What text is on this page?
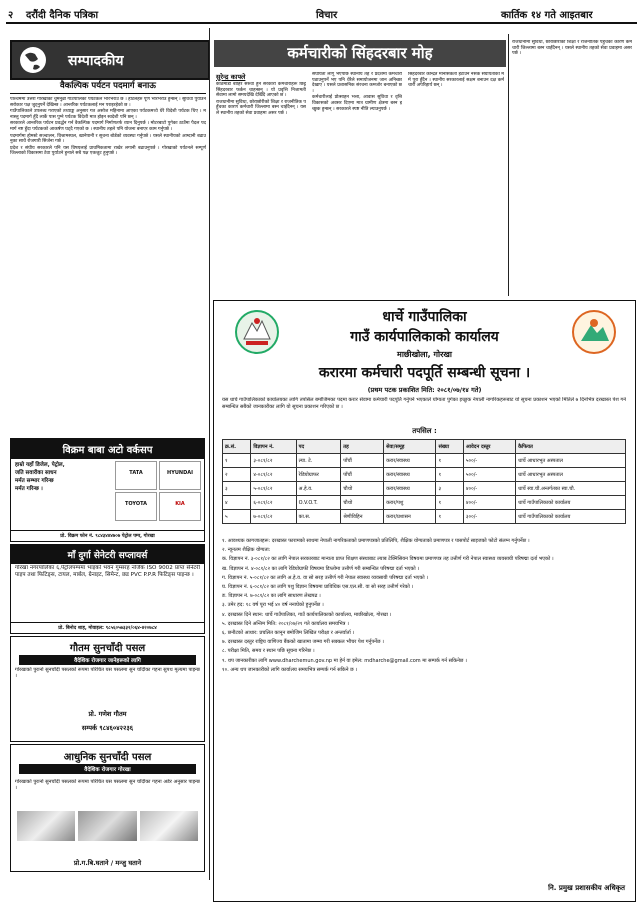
२ दरौंदी दैनिक पत्रिका	विचार	कार्तिक १४ गते आइतबार
सम्पादकीय
वैकल्पिक पर्यटन पदमार्ग बनाऊ

पश्चिममा उत्तरी गोरखाको चुमनुब्री गाउँपालिका पर्यटकले भरिभराउ छ । होटलहरु पूर्ण भरिभराउ हुन्छन् । सुविधा पुर्याउन सरोकार पक्ष जुट्नुपर्ने देखिन्छ । आन्तरिक पर्यटकलाई मन पराइरहेको छ ।

गाउँपालिकाले उपलब्ध गराएको तथ्याङ्क अनुसार गत असोज महिनामा आएका पर्यटकमध्ये धेरै विदेशी पर्यटक थिए । मनास्लु पदमार्ग हुँदै लार्के पास पुग्ने पर्यटक विदेशी मात्र होइन स्वदेशी पनि छन् ।

सरकारले आन्तरिक पर्यटन प्रवर्द्धन गर्न वैकल्पिक पदमार्ग निर्माणतर्फ ध्यान दिनुपर्छ । मोटरबाटो पुगेका ठाउँमा पैदल पदमार्ग नष्ट हुँदा पर्यटकको आकर्षण घट्दै गएको छ । स्थानीय तहले पनि योजना बनाएर काम गर्नुपर्छ ।

पदमार्गमा होमस्टे सञ्चालन, विश्रामस्थल, खानेपानी र सूचना बोर्डको व्यवस्था गर्नुपर्छ । यसले स्थानीयको आम्दानी बढाउनुका साथै रोजगारी सिर्जना गर्छ ।

प्रदेश र संघीय सरकारले पनि यस विषयलाई प्राथमिकतामा राखेर लगानी बढाउनुपर्छ । गोरखाको पर्यटनले सम्पूर्ण जिल्लाको विकासमा टेवा पुर्याउने हुनाले सबै पक्ष एकजुट हुनुपर्छ ।

विक्रम बाबा अटो वर्कसप
हाम्रो यहाँ डिजेल, पेट्रोल,
जति सवारीका साधन
मर्मत सम्भार गरिन्छ
मर्मत गरिन्छ ।
TATA	HYUNDAI
TOYOTA	KIA
प्रो. विक्रम फोन नं. ९८४३४४४७०७ पेट्रोल पम्प, गोरखा
माँ दुर्गा सेनेटरी सप्लायर्स
गोरखा नगरपालिका ६,पेट्रोलपम्पमा भाइको भवन गुम्सरह नजिक ISO 9002 प्राप्त सेनेटरी पाइप तथा फिटिङ्स, टायल, मार्बल, ग्रेनाइट, सिमेन्ट, छड PVC P.P.R फिटिङ्स पाइन्छ ।
प्रो. बिनोद शाह, मोवाइल: ९८५६०५७३३२/०६४-४२०७८४
गौतम सुनचाँदी पसल
वैदेशिक रोजगार जानेहरूको लागि
गोरखाको पुरानो सुनचाँदी पसलको रूपमा परिचित यस पसलमा सुन चाँदीका गहना सुपथ मूल्यमा पाइन्छ ।
प्रो. गणेश गौतम
सम्पर्क ९८४६०४२२३६
आधुनिक सुनचाँदी पसल
वैदेशिक रोजगार गोरखा
गोरखाको पुरानो सुनचाँदी पसलको रूपमा परिचित यस पसलमा सुन चाँदीका गहना अर्डर अनुसार पाइन्छ ।
प्रो.ग.बि.घताने / मन्जु घताने
कर्मचारीको सिंहदरबार मोह
सुरेन्द्र काफ्ले

काठमाडौं बाहिर सरुवा हुने सरकारी कर्मचारीहरू छिट्टै सिंहदरबार फर्कन चाहन्छन् । यो प्रवृत्ति निजामती सेवामा लामो समयदेखि देखिँदै आएको छ ।

राजधानीमा सुविधा, छोराछोरीको शिक्षा र राजनीतिक पहुँचका कारण कर्मचारी जिल्लामा बस्न चाहँदैनन् । यसले स्थानीय तहको सेवा प्रवाहमा असर पर्छ ।

संघीयता लागू भएपछि स्थानीय तह र प्रदेशमा कर्मचारी पठाउनुपर्ने भए पनि धेरैले समायोजनमा जान अनिच्छा देखाए । यसले प्रशासनिक संरचना कमजोर बनाएको छ ।

कर्मचारीलाई प्रोत्साहन भत्ता, आवास सुविधा र वृत्ति विकासको अवसर दिएमा मात्र ग्रामीण क्षेत्रमा बस्न इच्छुक हुन्छन् । सरकारले स्पष्ट नीति ल्याउनुपर्छ ।

सिंहदरबार केन्द्रित मानसिकता हटाउन नसके संघीयताको मर्म पूरा हुँदैन । स्थानीय सरकारलाई सक्षम बनाउन दक्ष कर्मचारी अपरिहार्य छन् ।

राजधानीमा सुविधा, छोराछोरीको शिक्षा र राजनीतिक पहुँचका कारण कर्मचारी जिल्लामा बस्न चाहँदैनन् । यसले स्थानीय तहको सेवा प्रवाहमा असर पर्छ ।

धार्चे गाउँपालिका
गाउँ कार्यपालिकाको कार्यालय
माछीखोला, गोरखा
करारमा कर्मचारी पदपूर्ति सम्बन्धी सूचना ।
(प्रथम पटक प्रकाशित मिति: २०८१/०७/१४ गते)
यस धार्चे गाउँपालिकाको कार्यालयका लागि तपसिल बमोजिमका पदमा करार सेवामा कर्मचारी पदपूर्ति गर्नुपर्ने भएकाले योग्यता पुगेका इच्छुक नेपाली नागरिकहरूबाट यो सूचना प्रकाशन भएको मितिले ७ दिनभित्र दरखास्त पेश गर्न सम्बन्धित सबैको जानकारीका लागि यो सूचना प्रकाशन गरिएको छ ।
तपसिल :
क्र.सं.	विज्ञापन नं.	पद	तह	सेवा/समूह	संख्या	आवेदन दस्तुर	कैफियत
१	३-०८१/८२	ल्या. टे.	पाँचौं	करार/स्वास्थ्य	१	५००/-	धार्चे आधारभूत अस्पताल
२	४-०८१/८२	रेडियोग्राफर	पाँचौं	करार/स्वास्थ्य	१	५००/-	धार्चे आधारभूत अस्पताल
३	५-०८१/८२	अ.हे.व.	चौथो	करार/स्वास्थ्य	३	४००/-	धार्चे स्वा.चौ.अन्तर्गतका स्वा.चौ.
४	६-०८१/८२	O.V.O.T.	चौथो	करार/पशु	१	४००/-	धार्चे गाउँपालिकाको कार्यालय
५	७-०८१/८२	का.स.	श्रेणीविहिन	करार/प्रशासन	१	३००/-	धार्चे गाउँपालिकाको कार्यालय

१. आवश्यक कागजातहरू: दरखास्त फारामको साथमा नेपाली नागरिकताको प्रमाणपत्रको प्रतिलिपि, शैक्षिक योग्यताको प्रमाणपत्र र पासपोर्ट साइजको फोटो संलग्न गर्नुपर्नेछ ।

२. न्यूनतम शैक्षिक योग्यता:

क. विज्ञापन नं. ३-०८१/८२ का लागि नेपाल सरकारबाट मान्यता प्राप्त शिक्षण संस्थाबाट ल्याब टेक्निसियन विषयमा प्रमाणपत्र तह उत्तीर्ण गरी नेपाल स्वास्थ्य व्यवसायी परिषद्मा दर्ता भएको ।

ख. विज्ञापन नं. ४-०८१/८२ का लागि रेडियोग्राफी विषयमा डिप्लोमा उत्तीर्ण गरी सम्बन्धित परिषद्मा दर्ता भएको ।

ग. विज्ञापन नं. ५-०८१/८२ का लागि अ.हे.व. वा सो सरह उत्तीर्ण गरी नेपाल स्वास्थ्य व्यवसायी परिषद्मा दर्ता भएको ।

घ. विज्ञापन नं. ६-०८१/८२ का लागि पशु विज्ञान विषयमा प्राविधिक एस.एल.सी. वा सो सरह उत्तीर्ण गरेको ।

ङ. विज्ञापन नं. ७-०८१/८२ का लागि साधारण लेखपढ ।

३. उमेर हद: १८ वर्ष पूरा भई ४० वर्ष ननाघेको हुनुपर्नेछ ।

४. दरखास्त दिने स्थान: धार्चे गाउँपालिका, गाउँ कार्यपालिकाको कार्यालय, माछीखोला, गोरखा ।

५. दरखास्त दिने अन्तिम मिति: २०८१/०७/२१ गते कार्यालय समयभित्र ।

६. छनौटको आधार: प्रचलित कानून बमोजिम लिखित परीक्षा र अन्तर्वार्ता ।

७. दरखास्त दस्तुर राष्ट्रिय वाणिज्य बैंकको खातामा जम्मा गरी सक्कल भौचर पेश गर्नुपर्नेछ ।

८. परीक्षा मिति, समय र स्थान पछि सूचना गरिनेछ ।

९. थप जानकारीका लागि www.dharchemun.gov.np मा हेर्न वा इमेल: mdharche@gmail.com मा सम्पर्क गर्न सकिनेछ ।

१०. अन्य थप जानकारीको लागि कार्यालय समयभित्र सम्पर्क गर्न सकिने छ ।

नि. प्रमुख प्रशासकीय अधिकृत
